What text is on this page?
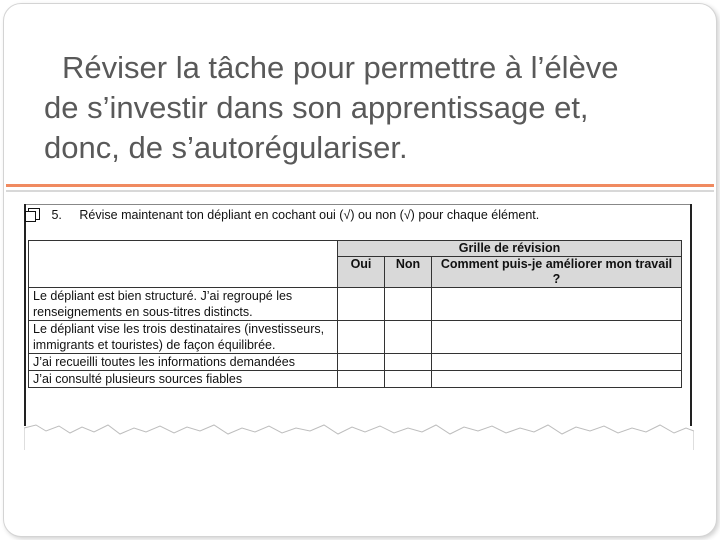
Réviser la tâche pour permettre à l’élève
de s’investir dans son apprentissage et,
donc, de s’autorégulariser.
5. Révise maintenant ton dépliant en cochant oui (√) ou non (√) pour chaque élément.
	Grille de révision		
	Oui	Non	Comment puis-je améliorer mon travail ?
Le dépliant est bien structuré. J’ai regroupé les renseignements en sous-titres distincts.			
Le dépliant vise les trois destinataires (investisseurs, immigrants et touristes) de façon équilibrée.			
J’ai recueilli toutes les informations demandées			
J’ai consulté plusieurs sources fiables			
